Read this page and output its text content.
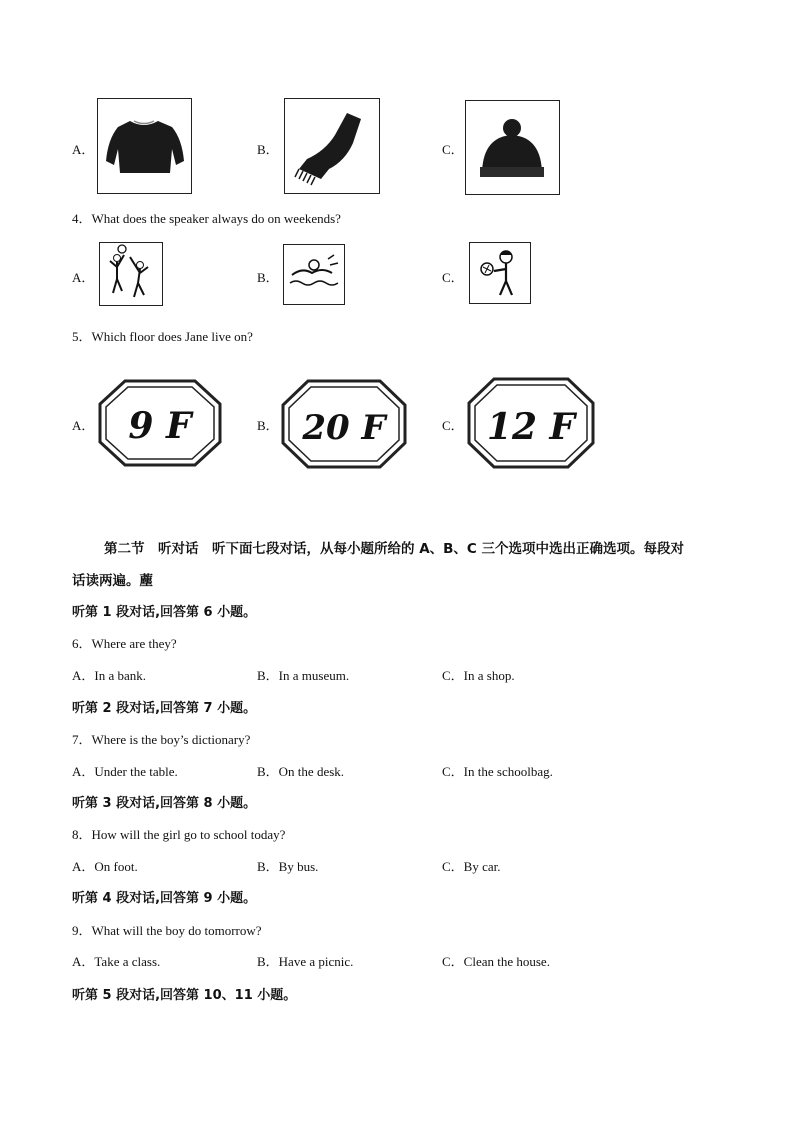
A．	B．	C．
4．What does the speaker always do on weekends?
A．	B．	C．
5．Which floor does Jane live on?
A． 9 F	B． 20 F	C． 12 F
第二节　听对话　听下面七段对话，从每小题所给的 A、B、C 三个选项中选出正确选项。每段对
话读两遍。薼
听第 1 段对话,回答第 6 小题。
6．Where are they?
A．In a bank.	B．In a museum.	C．In a shop.
听第 2 段对话,回答第 7 小题。
7．Where is the boy’s dictionary?
A．Under the table.	B．On the desk.	C．In the schoolbag.
听第 3 段对话,回答第 8 小题。
8．How will the girl go to school today?
A．On foot.	B．By bus.	C．By car.
听第 4 段对话,回答第 9 小题。
9．What will the boy do tomorrow?
A．Take a class.	B．Have a picnic.	C．Clean the house.
听第 5 段对话,回答第 10、11 小题。
